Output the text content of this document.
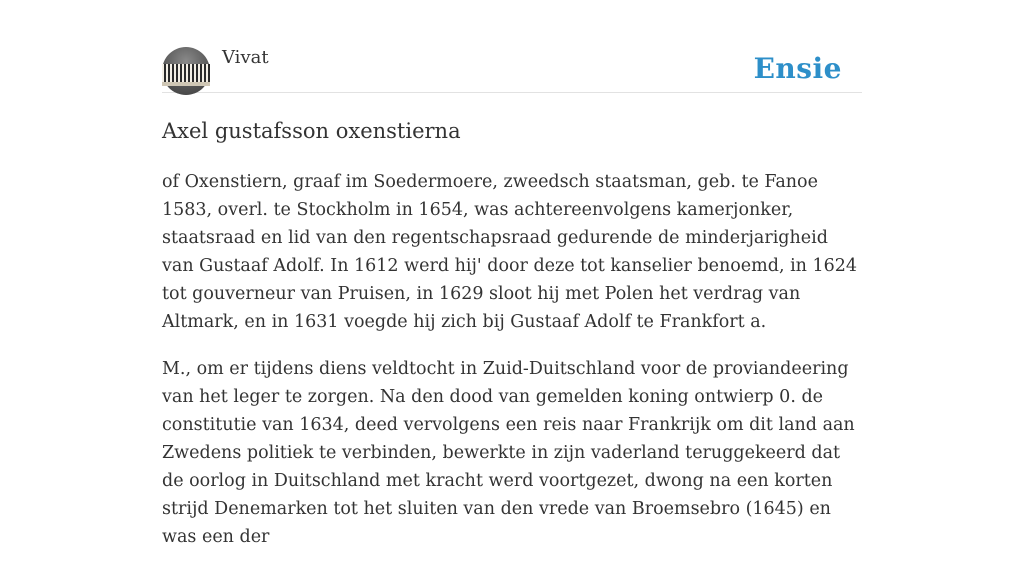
Vivat	Ensie
Axel gustafsson oxenstierna

of Oxenstiern, graaf im Soedermoere, zweedsch staatsman, geb. te Fanoe 1583, overl. te Stockholm in 1654, was achtereenvolgens kamerjonker, staatsraad en lid van den regentschapsraad gedurende de minderjarigheid van Gustaaf Adolf. In 1612 werd hij' door deze tot kanselier benoemd, in 1624 tot gouverneur van Pruisen, in 1629 sloot hij met Polen het verdrag van Altmark, en in 1631 voegde hij zich bij Gustaaf Adolf te Frankfort a.

M., om er tijdens diens veldtocht in Zuid-Duitschland voor de proviandeering van het leger te zorgen. Na den dood van gemelden koning ontwierp 0. de constitutie van 1634, deed vervolgens een reis naar Frankrijk om dit land aan Zwedens politiek te verbinden, bewerkte in zijn vaderland teruggekeerd dat de oorlog in Duitschland met kracht werd voortgezet, dwong na een korten strijd Denemarken tot het sluiten van den vrede van Broemsebro (1645) en was een der
